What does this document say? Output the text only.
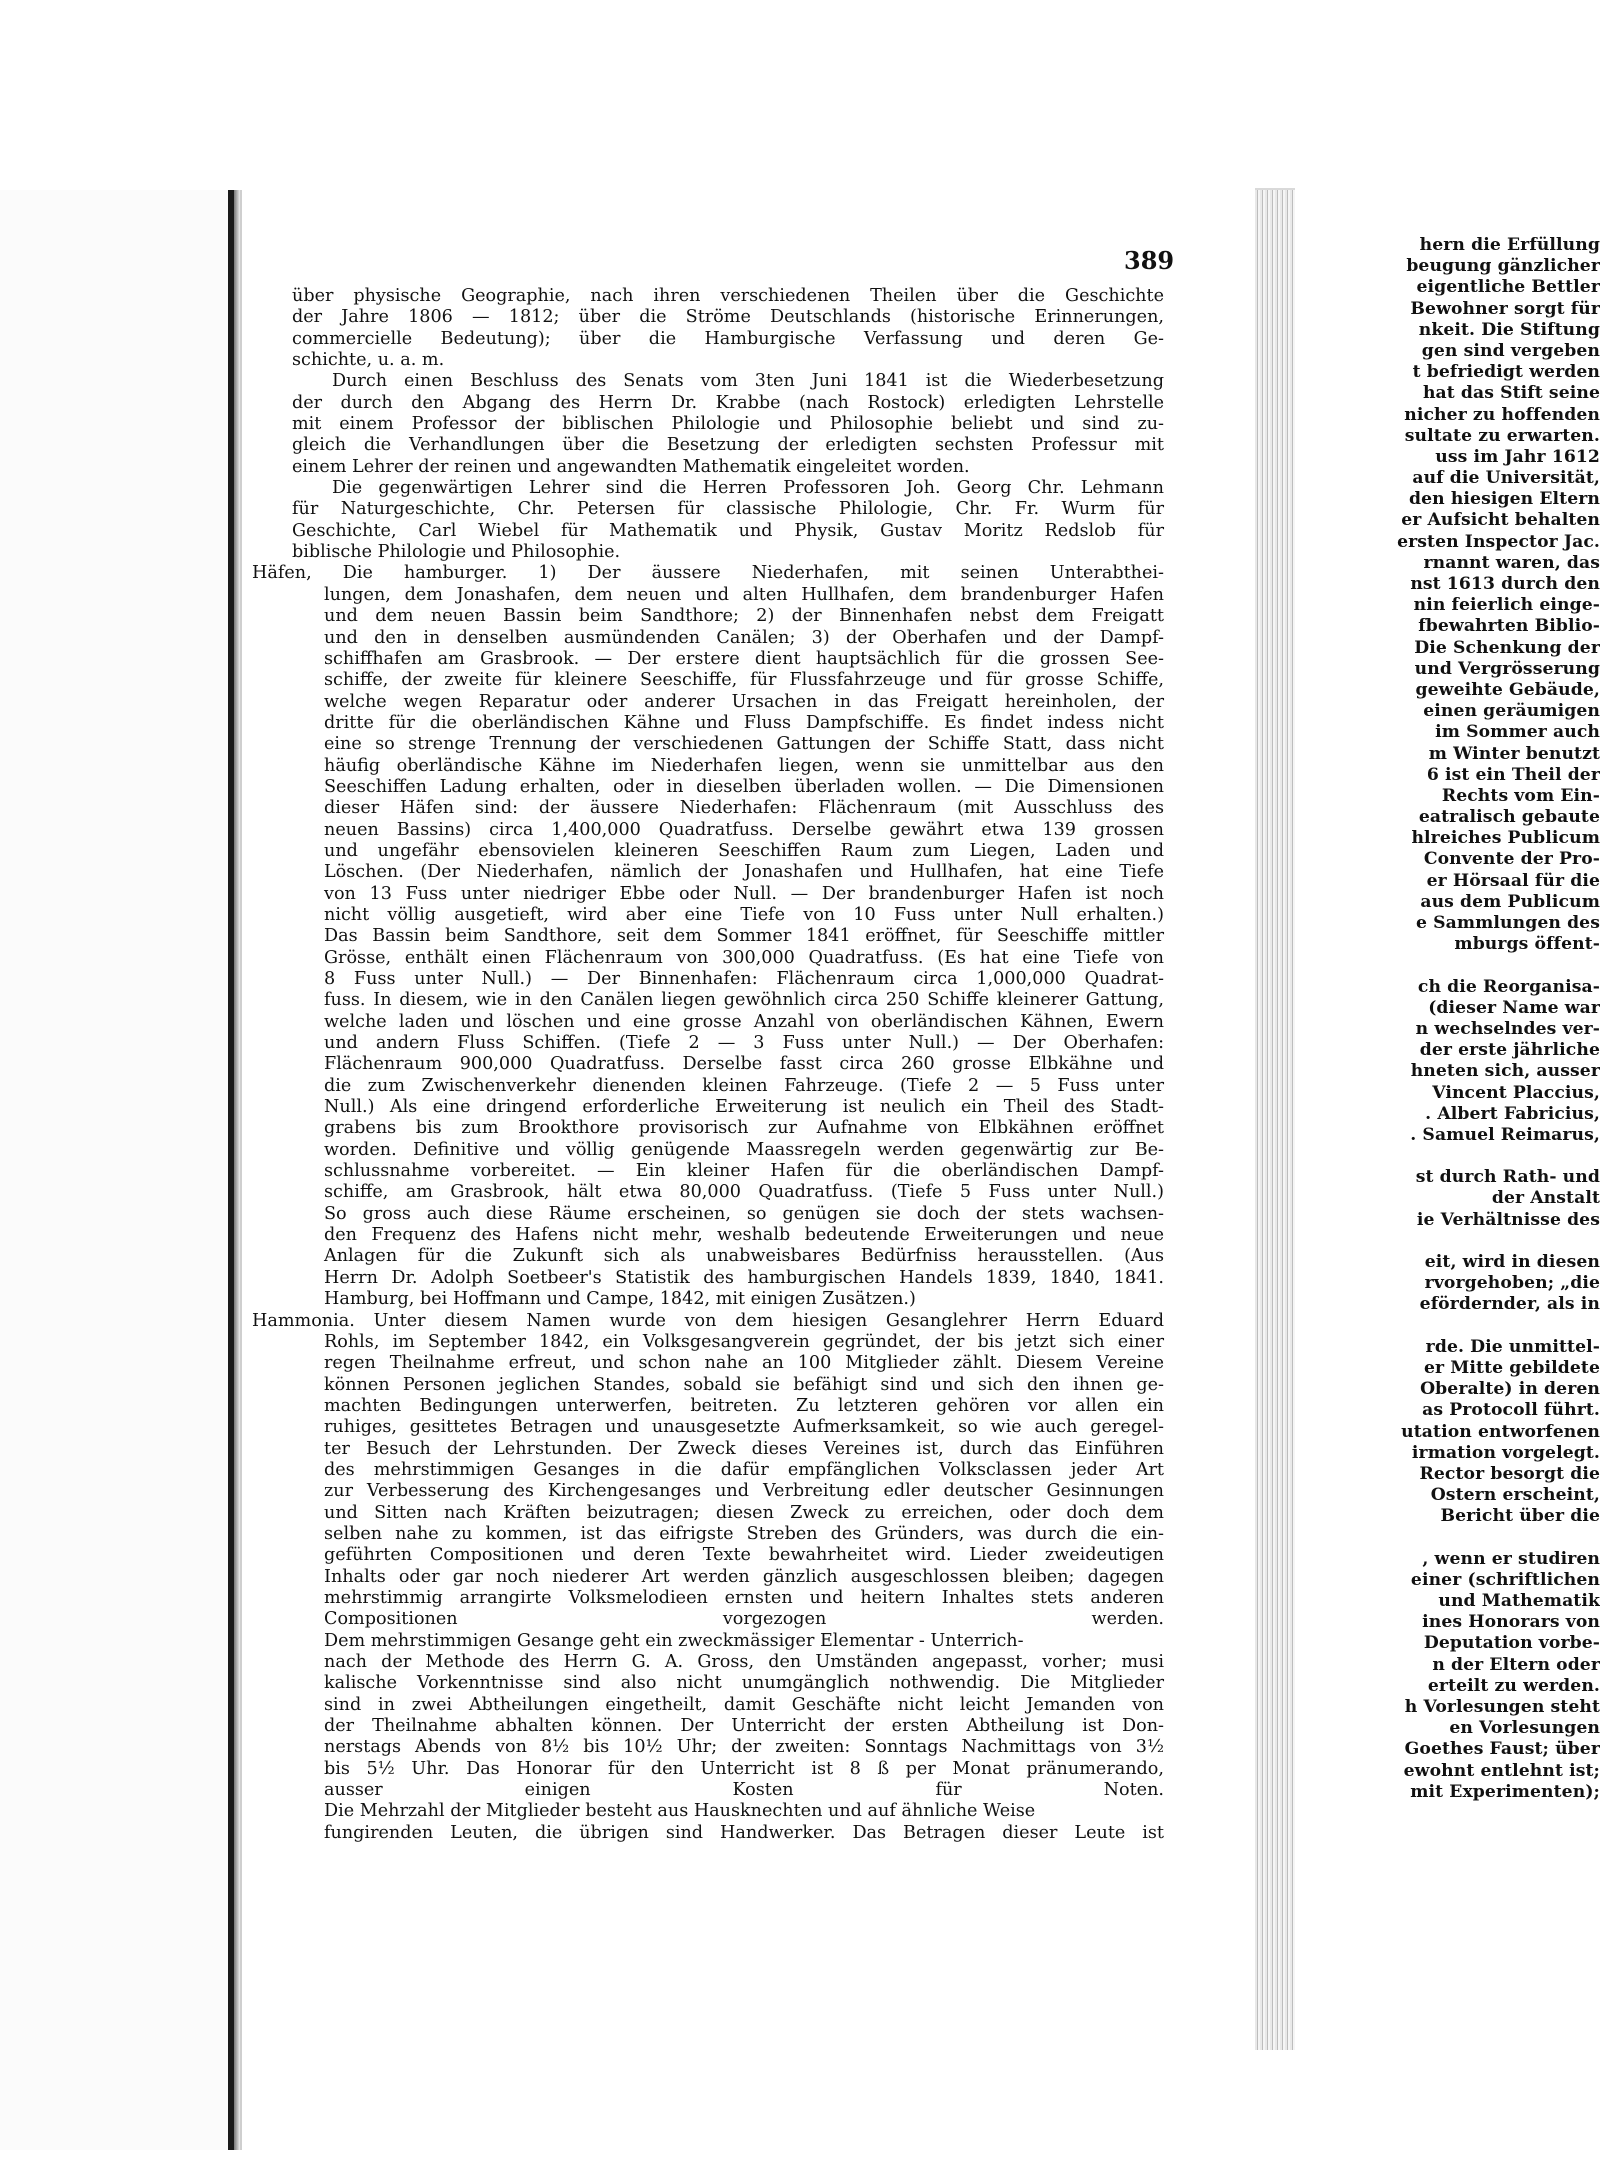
hern die Erfüllung
beugung gänzlicher
eigentliche Bettler
Bewohner sorgt für
nkeit. Die Stiftung
gen sind vergeben
t befriedigt werden
hat das Stift seine
nicher zu hoffenden
sultate zu erwarten.
uss im Jahr 1612
auf die Universität,
den hiesigen Eltern
er Aufsicht behalten
ersten Inspector Jac.
rnannt waren, das
nst 1613 durch den
nin feierlich einge-
fbewahrten Biblio-
Die Schenkung der
und Vergrösserung
geweihte Gebäude,
einen geräumigen
im Sommer auch
m Winter benutzt
6 ist ein Theil der
Rechts vom Ein-
eatralisch gebaute
hlreiches Publicum
Convente der Pro-
er Hörsaal für die
aus dem Publicum
e Sammlungen des
mburgs öffent-
ch die Reorganisa-
(dieser Name war
n wechselndes ver-
der erste jährliche
hneten sich, ausser
Vincent Placcius,
. Albert Fabricius,
. Samuel Reimarus,
st durch Rath- und
der Anstalt
ie Verhältnisse des
eit, wird in diesen
rvorgehoben; „die
efördernder, als in
rde. Die unmittel-
er Mitte gebildete
Oberalte) in deren
as Protocoll führt.
utation entworfenen
irmation vorgelegt.
Rector besorgt die
Ostern erscheint,
Bericht über die
, wenn er studiren
einer (schriftlichen
und Mathematik
ines Honorars von
Deputation vorbe-
n der Eltern oder
erteilt zu werden.
h Vorlesungen steht
en Vorlesungen
Goethes Faust; über
ewohnt entlehnt ist;
mit Experimenten);
389
über physische Geographie, nach ihren verschiedenen Theilen über die Geschichte
der Jahre 1806 — 1812; über die Ströme Deutschlands (historische Erinnerungen,
commercielle Bedeutung); über die Hamburgische Verfassung und deren Ge-
schichte, u. a. m.
Durch einen Beschluss des Senats vom 3ten Juni 1841 ist die Wiederbesetzung
der durch den Abgang des Herrn Dr. Krabbe (nach Rostock) erledigten Lehrstelle
mit einem Professor der biblischen Philologie und Philosophie beliebt und sind zu-
gleich die Verhandlungen über die Besetzung der erledigten sechsten Professur mit
einem Lehrer der reinen und angewandten Mathematik eingeleitet worden.
Die gegenwärtigen Lehrer sind die Herren Professoren Joh. Georg Chr. Lehmann
für Naturgeschichte, Chr. Petersen für classische Philologie, Chr. Fr. Wurm für
Geschichte, Carl Wiebel für Mathematik und Physik, Gustav Moritz Redslob für
biblische Philologie und Philosophie.
Häfen, Die hamburger. 1) Der äussere Niederhafen, mit seinen Unterabthei-
lungen, dem Jonashafen, dem neuen und alten Hullhafen, dem brandenburger Hafen
und dem neuen Bassin beim Sandthore; 2) der Binnenhafen nebst dem Freigatt
und den in denselben ausmündenden Canälen; 3) der Oberhafen und der Dampf-
schiffhafen am Grasbrook. — Der erstere dient hauptsächlich für die grossen See-
schiffe, der zweite für kleinere Seeschiffe, für Flussfahrzeuge und für grosse Schiffe,
welche wegen Reparatur oder anderer Ursachen in das Freigatt hereinholen, der
dritte für die oberländischen Kähne und Fluss Dampfschiffe. Es findet indess nicht
eine so strenge Trennung der verschiedenen Gattungen der Schiffe Statt, dass nicht
häufig oberländische Kähne im Niederhafen liegen, wenn sie unmittelbar aus den
Seeschiffen Ladung erhalten, oder in dieselben überladen wollen. — Die Dimensionen
dieser Häfen sind: der äussere Niederhafen: Flächenraum (mit Ausschluss des
neuen Bassins) circa 1,400,000 Quadratfuss. Derselbe gewährt etwa 139 grossen
und ungefähr ebensovielen kleineren Seeschiffen Raum zum Liegen, Laden und
Löschen. (Der Niederhafen, nämlich der Jonashafen und Hullhafen, hat eine Tiefe
von 13 Fuss unter niedriger Ebbe oder Null. — Der brandenburger Hafen ist noch
nicht völlig ausgetieft, wird aber eine Tiefe von 10 Fuss unter Null erhalten.)
Das Bassin beim Sandthore, seit dem Sommer 1841 eröffnet, für Seeschiffe mittler
Grösse, enthält einen Flächenraum von 300,000 Quadratfuss. (Es hat eine Tiefe von
8 Fuss unter Null.) — Der Binnenhafen: Flächenraum circa 1,000,000 Quadrat-
fuss. In diesem, wie in den Canälen liegen gewöhnlich circa 250 Schiffe kleinerer Gattung,
welche laden und löschen und eine grosse Anzahl von oberländischen Kähnen, Ewern
und andern Fluss Schiffen. (Tiefe 2 — 3 Fuss unter Null.) — Der Oberhafen:
Flächenraum 900,000 Quadratfuss. Derselbe fasst circa 260 grosse Elbkähne und
die zum Zwischenverkehr dienenden kleinen Fahrzeuge. (Tiefe 2 — 5 Fuss unter
Null.) Als eine dringend erforderliche Erweiterung ist neulich ein Theil des Stadt-
grabens bis zum Brookthore provisorisch zur Aufnahme von Elbkähnen eröffnet
worden. Definitive und völlig genügende Maassregeln werden gegenwärtig zur Be-
schlussnahme vorbereitet. — Ein kleiner Hafen für die oberländischen Dampf-
schiffe, am Grasbrook, hält etwa 80,000 Quadratfuss. (Tiefe 5 Fuss unter Null.)
So gross auch diese Räume erscheinen, so genügen sie doch der stets wachsen-
den Frequenz des Hafens nicht mehr, weshalb bedeutende Erweiterungen und neue
Anlagen für die Zukunft sich als unabweisbares Bedürfniss herausstellen. (Aus
Herrn Dr. Adolph Soetbeer's Statistik des hamburgischen Handels 1839, 1840, 1841.
Hamburg, bei Hoffmann und Campe, 1842, mit einigen Zusätzen.)
Hammonia. Unter diesem Namen wurde von dem hiesigen Gesanglehrer Herrn Eduard
Rohls, im September 1842, ein Volksgesangverein gegründet, der bis jetzt sich einer
regen Theilnahme erfreut, und schon nahe an 100 Mitglieder zählt. Diesem Vereine
können Personen jeglichen Standes, sobald sie befähigt sind und sich den ihnen ge-
machten Bedingungen unterwerfen, beitreten. Zu letzteren gehören vor allen ein
ruhiges, gesittetes Betragen und unausgesetzte Aufmerksamkeit, so wie auch geregel-
ter Besuch der Lehrstunden. Der Zweck dieses Vereines ist, durch das Einführen
des mehrstimmigen Gesanges in die dafür empfänglichen Volksclassen jeder Art
zur Verbesserung des Kirchengesanges und Verbreitung edler deutscher Gesinnungen
und Sitten nach Kräften beizutragen; diesen Zweck zu erreichen, oder doch dem
selben nahe zu kommen, ist das eifrigste Streben des Gründers, was durch die ein-
geführten Compositionen und deren Texte bewahrheitet wird. Lieder zweideutigen
Inhalts oder gar noch niederer Art werden gänzlich ausgeschlossen bleiben; dagegen
mehrstimmig arrangirte Volksmelodieen ernsten und heitern Inhaltes stets anderen
Compositionen vorgezogen werden.
Dem mehrstimmigen Gesange geht ein zweckmässiger Elementar - Unterrich-
nach der Methode des Herrn G. A. Gross, den Umständen angepasst, vorher; musi
kalische Vorkenntnisse sind also nicht unumgänglich nothwendig. Die Mitglieder
sind in zwei Abtheilungen eingetheilt, damit Geschäfte nicht leicht Jemanden von
der Theilnahme abhalten können. Der Unterricht der ersten Abtheilung ist Don-
nerstags Abends von 8½ bis 10½ Uhr; der zweiten: Sonntags Nachmittags von 3½
bis 5½ Uhr. Das Honorar für den Unterricht ist 8 ß per Monat pränumerando,
ausser einigen Kosten für Noten.
Die Mehrzahl der Mitglieder besteht aus Hausknechten und auf ähnliche Weise
fungirenden Leuten, die übrigen sind Handwerker. Das Betragen dieser Leute ist
